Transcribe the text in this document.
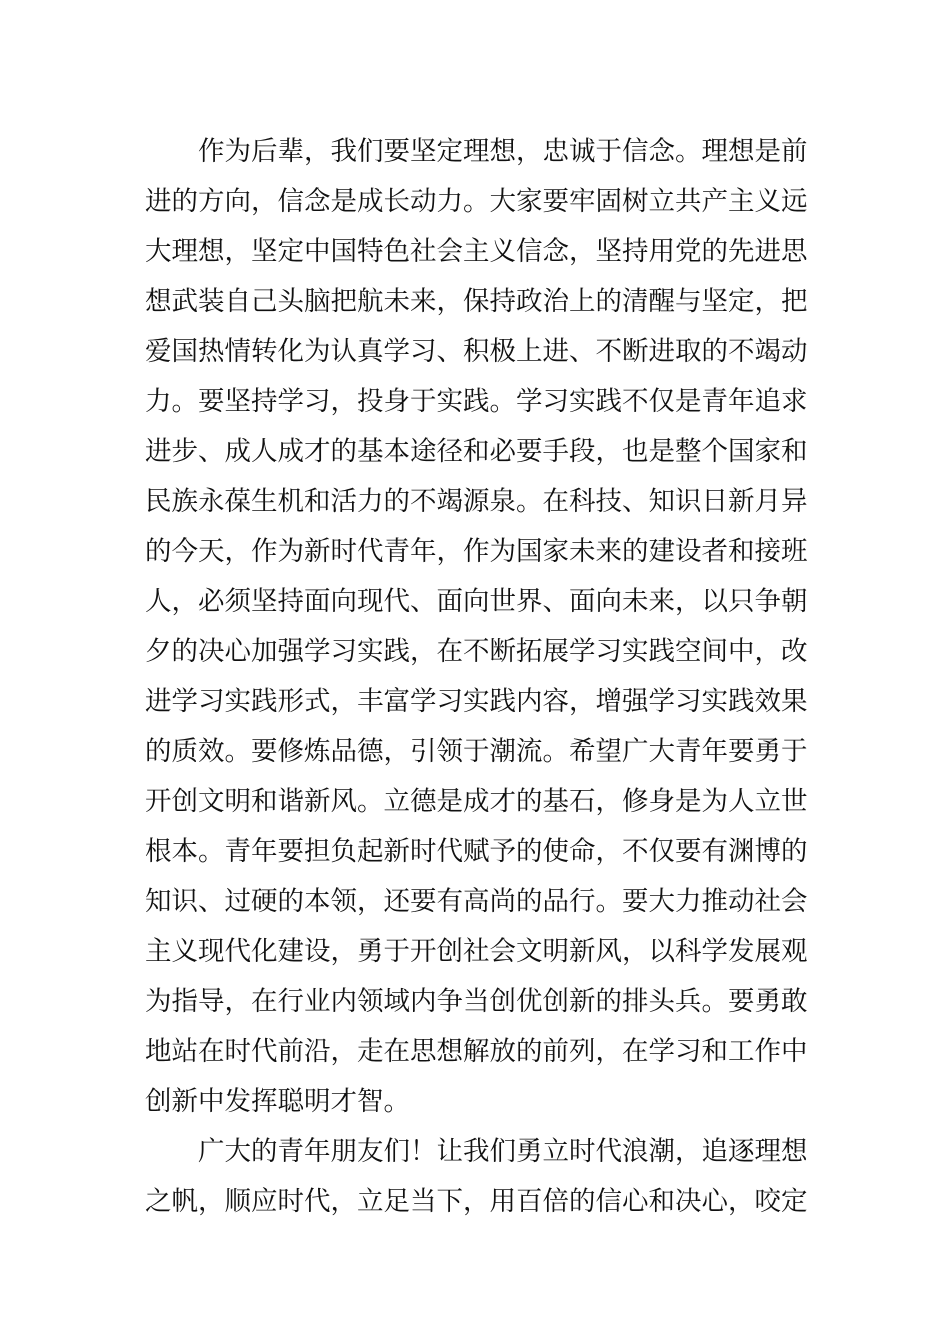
作为后辈，我们要坚定理想，忠诚于信念。理想是前
进的方向，信念是成长动力。大家要牢固树立共产主义远
大理想，坚定中国特色社会主义信念，坚持用党的先进思
想武装自己头脑把航未来，保持政治上的清醒与坚定，把
爱国热情转化为认真学习、积极上进、不断进取的不竭动
力。要坚持学习，投身于实践。学习实践不仅是青年追求
进步、成人成才的基本途径和必要手段，也是整个国家和
民族永葆生机和活力的不竭源泉。在科技、知识日新月异
的今天，作为新时代青年，作为国家未来的建设者和接班
人，必须坚持面向现代、面向世界、面向未来，以只争朝
夕的决心加强学习实践，在不断拓展学习实践空间中，改
进学习实践形式，丰富学习实践内容，增强学习实践效果
的质效。要修炼品德，引领于潮流。希望广大青年要勇于
开创文明和谐新风。立德是成才的基石，修身是为人立世
根本。青年要担负起新时代赋予的使命，不仅要有渊博的
知识、过硬的本领，还要有高尚的品行。要大力推动社会
主义现代化建设，勇于开创社会文明新风，以科学发展观
为指导，在行业内领域内争当创优创新的排头兵。要勇敢
地站在时代前沿，走在思想解放的前列，在学习和工作中
创新中发挥聪明才智。
广大的青年朋友们！让我们勇立时代浪潮，追逐理想
之帆，顺应时代，立足当下，用百倍的信心和决心，咬定
